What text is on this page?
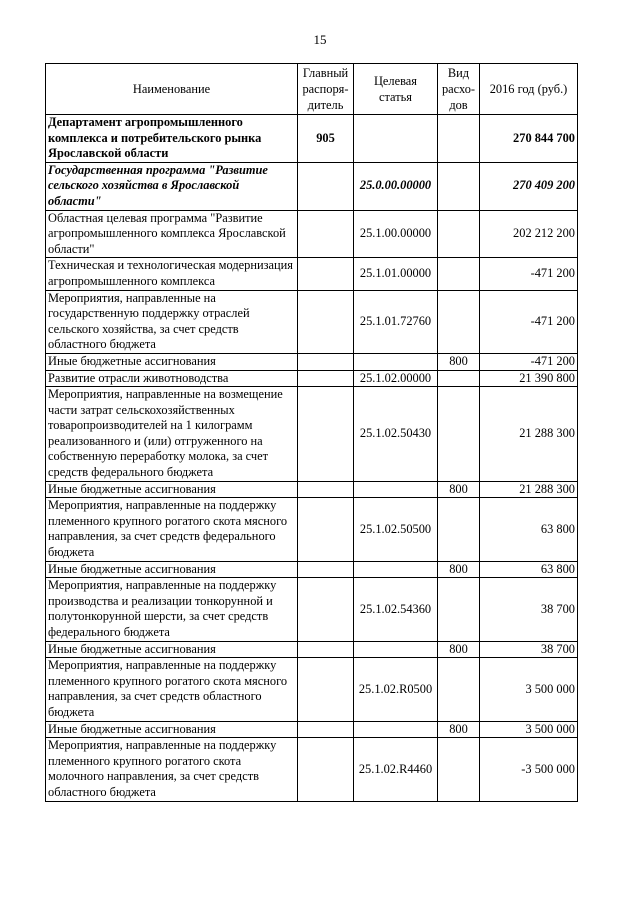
15
Наименование	Главный распоря-дитель	Целевая статья	Вид расхо-дов	2016 год (руб.)
Департамент агропромышленного комплекса и потребительского рынка Ярославской области	905			270 844 700
Государственная программа "Развитие сельского хозяйства в Ярославской области"		25.0.00.00000		270 409 200
Областная целевая программа "Развитие агропромышленного комплекса Ярославской области"		25.1.00.00000		202 212 200
Техническая и технологическая модернизация агропромышленного комплекса		25.1.01.00000		-471 200
Мероприятия, направленные на государственную поддержку отраслей сельского хозяйства, за счет средств областного бюджета		25.1.01.72760		-471 200
Иные бюджетные ассигнования			800	-471 200
Развитие отрасли животноводства		25.1.02.00000		21 390 800
Мероприятия, направленные на возмещение части затрат сельскохозяйственных товаропроизводителей на 1 килограмм реализованного и (или) отгруженного на собственную переработку молока, за счет средств федерального бюджета		25.1.02.50430		21 288 300
Иные бюджетные ассигнования			800	21 288 300
Мероприятия, направленные на поддержку племенного крупного рогатого скота мясного направления, за счет средств федерального бюджета		25.1.02.50500		63 800
Иные бюджетные ассигнования			800	63 800
Мероприятия, направленные на поддержку производства и реализации тонкорунной и полутонкорунной шерсти, за счет средств федерального бюджета		25.1.02.54360		38 700
Иные бюджетные ассигнования			800	38 700
Мероприятия, направленные на поддержку племенного крупного рогатого скота мясного направления, за счет средств областного бюджета		25.1.02.R0500		3 500 000
Иные бюджетные ассигнования			800	3 500 000
Мероприятия, направленные на поддержку племенного крупного рогатого скота молочного направления, за счет средств областного бюджета		25.1.02.R4460		-3 500 000
